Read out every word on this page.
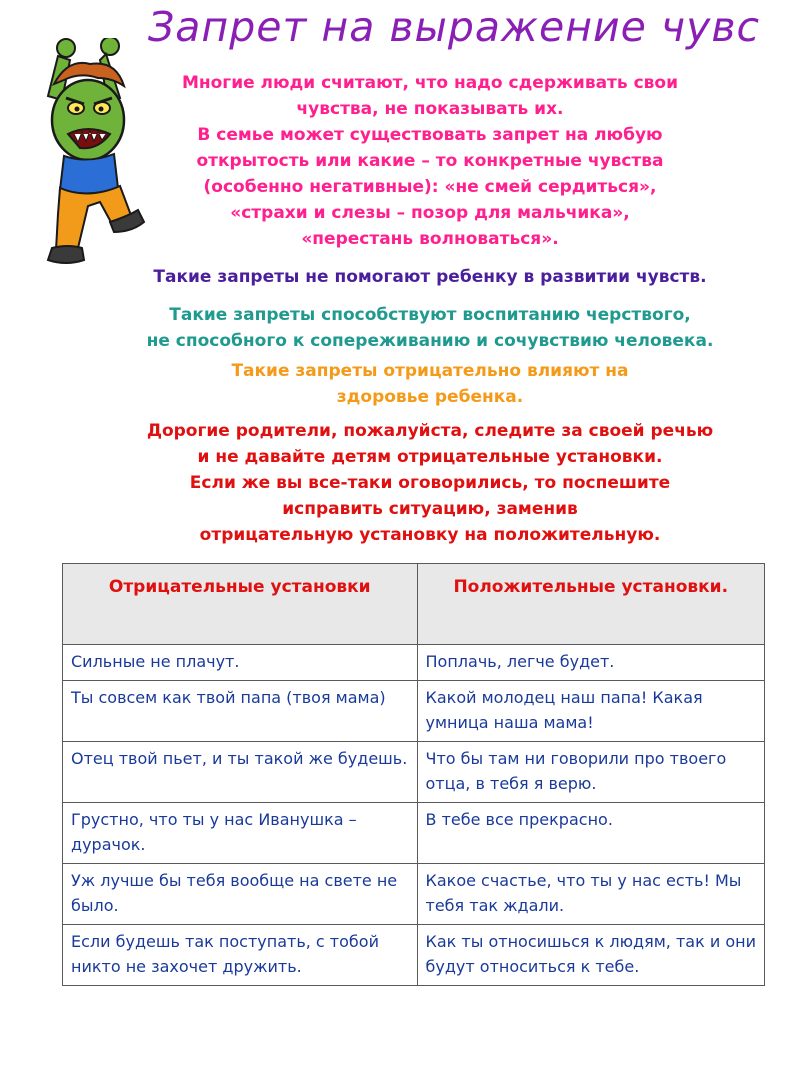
Запрет на выражение чувс
Многие люди считают, что надо сдерживать свои
чувства, не показывать их.
В семье может существовать запрет на любую
открытость или какие – то конкретные чувства
(особенно негативные): «не смей сердиться»,
«страхи и слезы – позор для мальчика»,
«перестань волноваться».
Такие запреты не помогают ребенку в развитии чувств.
Такие запреты способствуют воспитанию черствого,
не способного к сопереживанию и сочувствию человека.
Такие запреты отрицательно влияют на
здоровье ребенка.
Дорогие родители, пожалуйста, следите за своей речью
и не давайте детям отрицательные установки.
Если же вы все-таки оговорились, то поспешите
исправить ситуацию, заменив
отрицательную установку на положительную.
Отрицательные установки	Положительные установки.
Сильные не плачут.	Поплачь, легче будет.
Ты совсем как твой папа (твоя мама)	Какой молодец наш папа! Какая умница наша мама!
Отец твой пьет, и ты такой же будешь.	Что бы там ни говорили про твоего отца, в тебя я верю.
Грустно, что ты у нас Иванушка – дурачок.	В тебе все прекрасно.
Уж лучше бы тебя вообще на свете не было.	Какое счастье, что ты у нас есть! Мы тебя так ждали.
Если будешь так поступать, с тобой никто не захочет дружить.	Как ты относишься к людям, так и они будут относиться к тебе.
